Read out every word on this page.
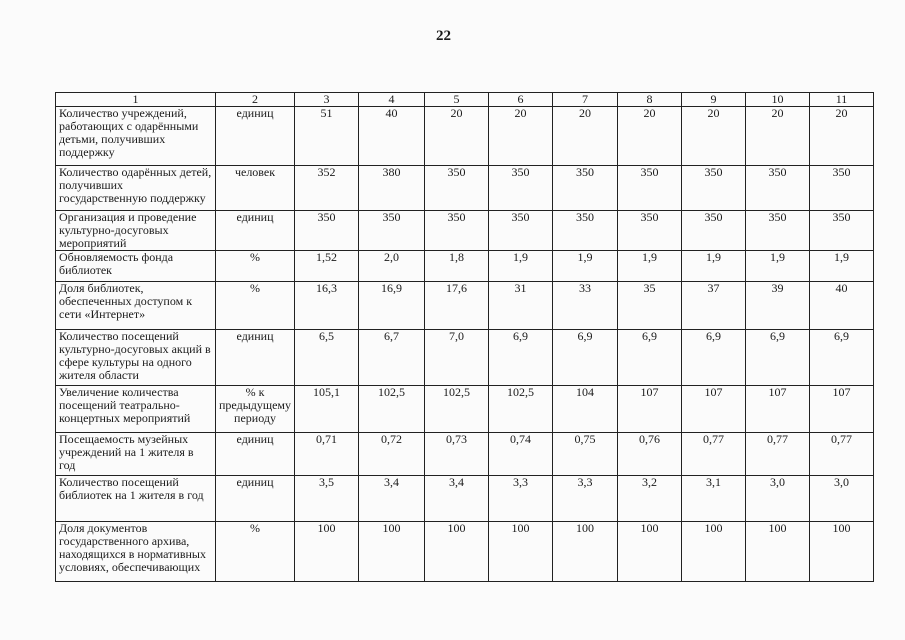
22
1	2	3	4	5	6	7	8	9	10	11
Количество учреждений, работающих с одарёнными детьми, получивших поддержку	единиц	51	40	20	20	20	20	20	20	20
Количество одарённых детей, получивших государственную поддержку	человек	352	380	350	350	350	350	350	350	350
Организация и проведение культурно-досуговых мероприятий	единиц	350	350	350	350	350	350	350	350	350
Обновляемость фонда библиотек	%	1,52	2,0	1,8	1,9	1,9	1,9	1,9	1,9	1,9
Доля библиотек, обеспеченных доступом к сети «Интернет»	%	16,3	16,9	17,6	31	33	35	37	39	40
Количество посещений культурно-досуговых акций в сфере культуры на одного жителя области	единиц	6,5	6,7	7,0	6,9	6,9	6,9	6,9	6,9	6,9
Увеличение количества посещений театрально-концертных мероприятий	% к предыдущему периоду	105,1	102,5	102,5	102,5	104	107	107	107	107
Посещаемость музейных учреждений на 1 жителя в год	единиц	0,71	0,72	0,73	0,74	0,75	0,76	0,77	0,77	0,77
Количество посещений библиотек на 1 жителя в год	единиц	3,5	3,4	3,4	3,3	3,3	3,2	3,1	3,0	3,0
Доля документов государственного архива, находящихся в нормативных условиях, обеспечивающих	%	100	100	100	100	100	100	100	100	100
